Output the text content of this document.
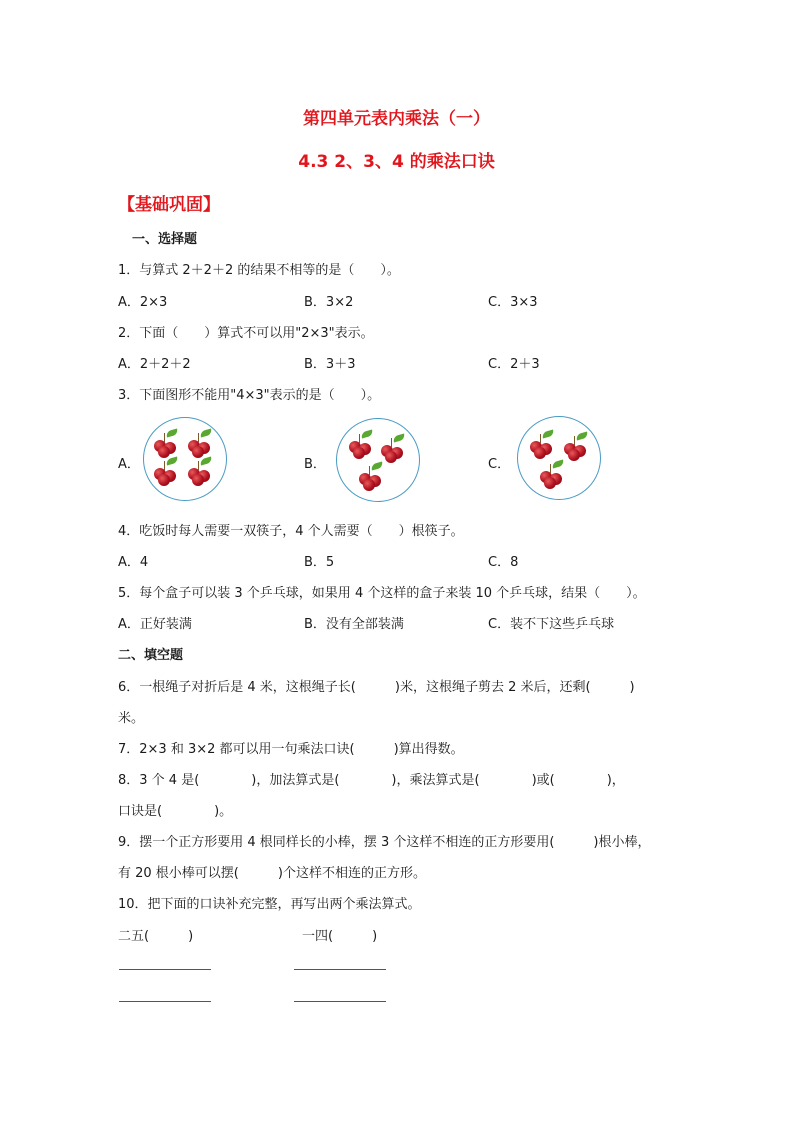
第四单元表内乘法（一）
4.3 2、3、4 的乘法口诀
【基础巩固】
一、选择题
1．与算式 2＋2＋2 的结果不相等的是（　　）。
A．2×3	B．3×2	C．3×3
2．下面（　　）算式不可以用"2×3"表示。
A．2＋2＋2	B．3＋3	C．2＋3
3．下面图形不能用"4×3"表示的是（　　）。
A．	B．	C．
4．吃饭时每人需要一双筷子，4 个人需要（　　）根筷子。
A．4	B．5	C．8
5．每个盒子可以装 3 个乒乓球，如果用 4 个这样的盒子来装 10 个乒乓球，结果（　　）。
A．正好装满	B．没有全部装满	C．装不下这些乒乓球
二、填空题
6．一根绳子对折后是 4 米，这根绳子长(　　　)米，这根绳子剪去 2 米后，还剩(　　　)
米。
7．2×3 和 3×2 都可以用一句乘法口诀(　　　)算出得数。
8．3 个 4 是(　　　　)，加法算式是(　　　　)，乘法算式是(　　　　)或(　　　　)，
口诀是(　　　　)。
9．摆一个正方形要用 4 根同样长的小棒，摆 3 个这样不相连的正方形要用(　　　)根小棒，
有 20 根小棒可以摆(　　　)个这样不相连的正方形。
10．把下面的口诀补充完整，再写出两个乘法算式。
二五(　　　)	一四(　　　)
